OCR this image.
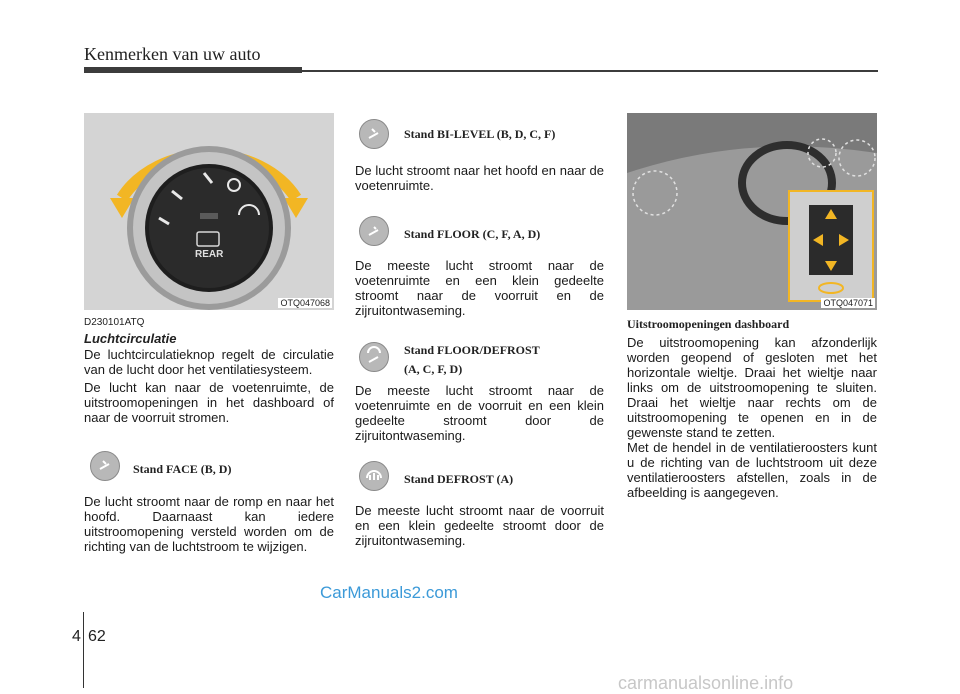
Kenmerken van uw auto
REAR
OTQ047068
D230101ATQ
Luchtcirculatie

De luchtcirculatieknop regelt de circulatie van de lucht door het ventilatiesysteem.

De lucht kan naar de voetenruimte, de uitstroomopeningen in het dashboard of naar de voorruit stromen.

Stand FACE (B, D)

De lucht stroomt naar de romp en naar het hoofd. Daarnaast kan iedere uitstroomopening versteld worden om de richting van de luchtstroom te wijzigen.

Stand BI-LEVEL (B, D, C, F)

De lucht stroomt naar het hoofd en naar de voetenruimte.

Stand FLOOR (C, F, A, D)

De meeste lucht stroomt naar de voetenruimte en een klein gedeelte stroomt naar de voorruit en de zijruitontwaseming.

Stand FLOOR/DEFROST
(A, C, F, D)

De meeste lucht stroomt naar de voetenruimte en de voorruit en een klein gedeelte stroomt door de zijruitontwaseming.

Stand DEFROST (A)

De meeste lucht stroomt naar de voorruit en een klein gedeelte stroomt door de zijruitontwaseming.

OTQ047071
Uitstroomopeningen dashboard

De uitstroomopening kan afzonderlijk worden geopend of gesloten met het horizontale wieltje. Draai het wieltje naar links om de uitstroomopening te sluiten. Draai het wieltje naar rechts om de uitstroomopening te openen en in de gewenste stand te zetten.

Met de hendel in de ventilatieroosters kunt u de richting van de luchtstroom uit deze ventilatieroosters afstellen, zoals in de afbeelding is aangegeven.

CarManuals2.com
carmanualsonline.info
4 62
